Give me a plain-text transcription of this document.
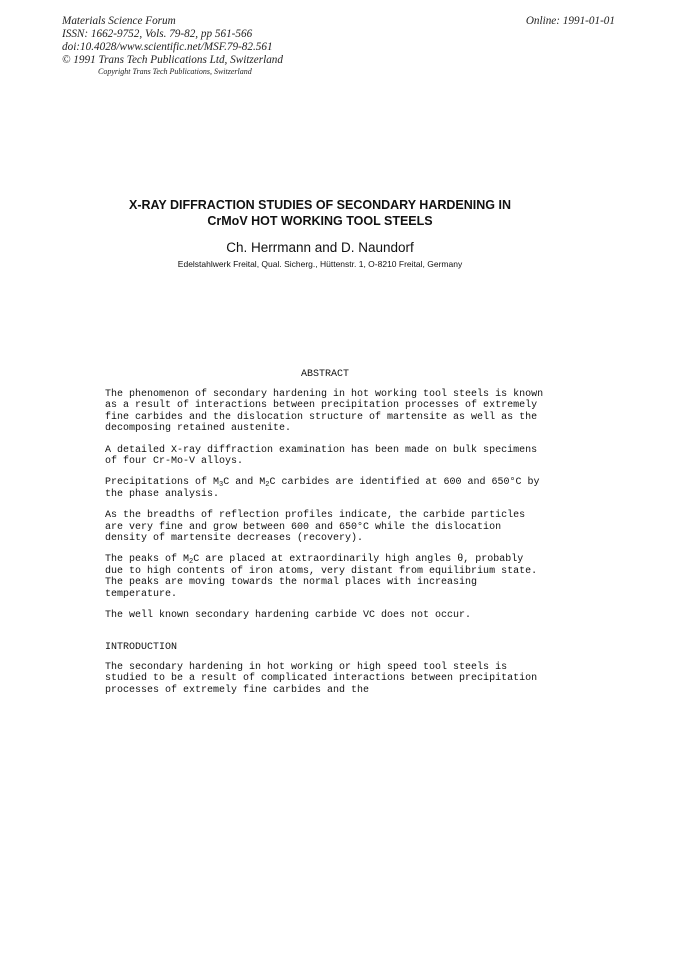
Materials Science Forum
ISSN: 1662-9752, Vols. 79-82, pp 561-566
doi:10.4028/www.scientific.net/MSF.79-82.561
© 1991 Trans Tech Publications Ltd, Switzerland
Online: 1991-01-01
Copyright Trans Tech Publications, Switzerland
X-RAY DIFFRACTION STUDIES OF SECONDARY HARDENING IN
CrMoV HOT WORKING TOOL STEELS
Ch. Herrmann and D. Naundorf
Edelstahlwerk Freital, Qual. Sicherg., Hüttenstr. 1, O-8210 Freital, Germany
ABSTRACT

The phenomenon of secondary hardening in hot working tool steels is known as a result of interactions between precipitation processes of extremely fine carbides and the dislocation structure of martensite as well as the decomposing retained austenite.

A detailed X-ray diffraction examination has been made on bulk specimens of four Cr-Mo-V alloys.

Precipitations of $M_3C$ and $M_2C$ carbides are identified at 600 and 650°C by the phase analysis.

As the breadths of reflection profiles indicate, the carbide particles are very fine and grow between 600 and 650°C while the dislocation density of martensite decreases (recovery).

The peaks of $M_2C$ are placed at extraordinarily high angles θ, probably due to high contents of iron atoms, very distant from equilibrium state. The peaks are moving towards the normal places with increasing temperature.

The well known secondary hardening carbide VC does not occur.

INTRODUCTION

The secondary hardening in hot working or high speed tool steels is studied to be a result of complicated interactions between precipitation processes of extremely fine carbides and the
